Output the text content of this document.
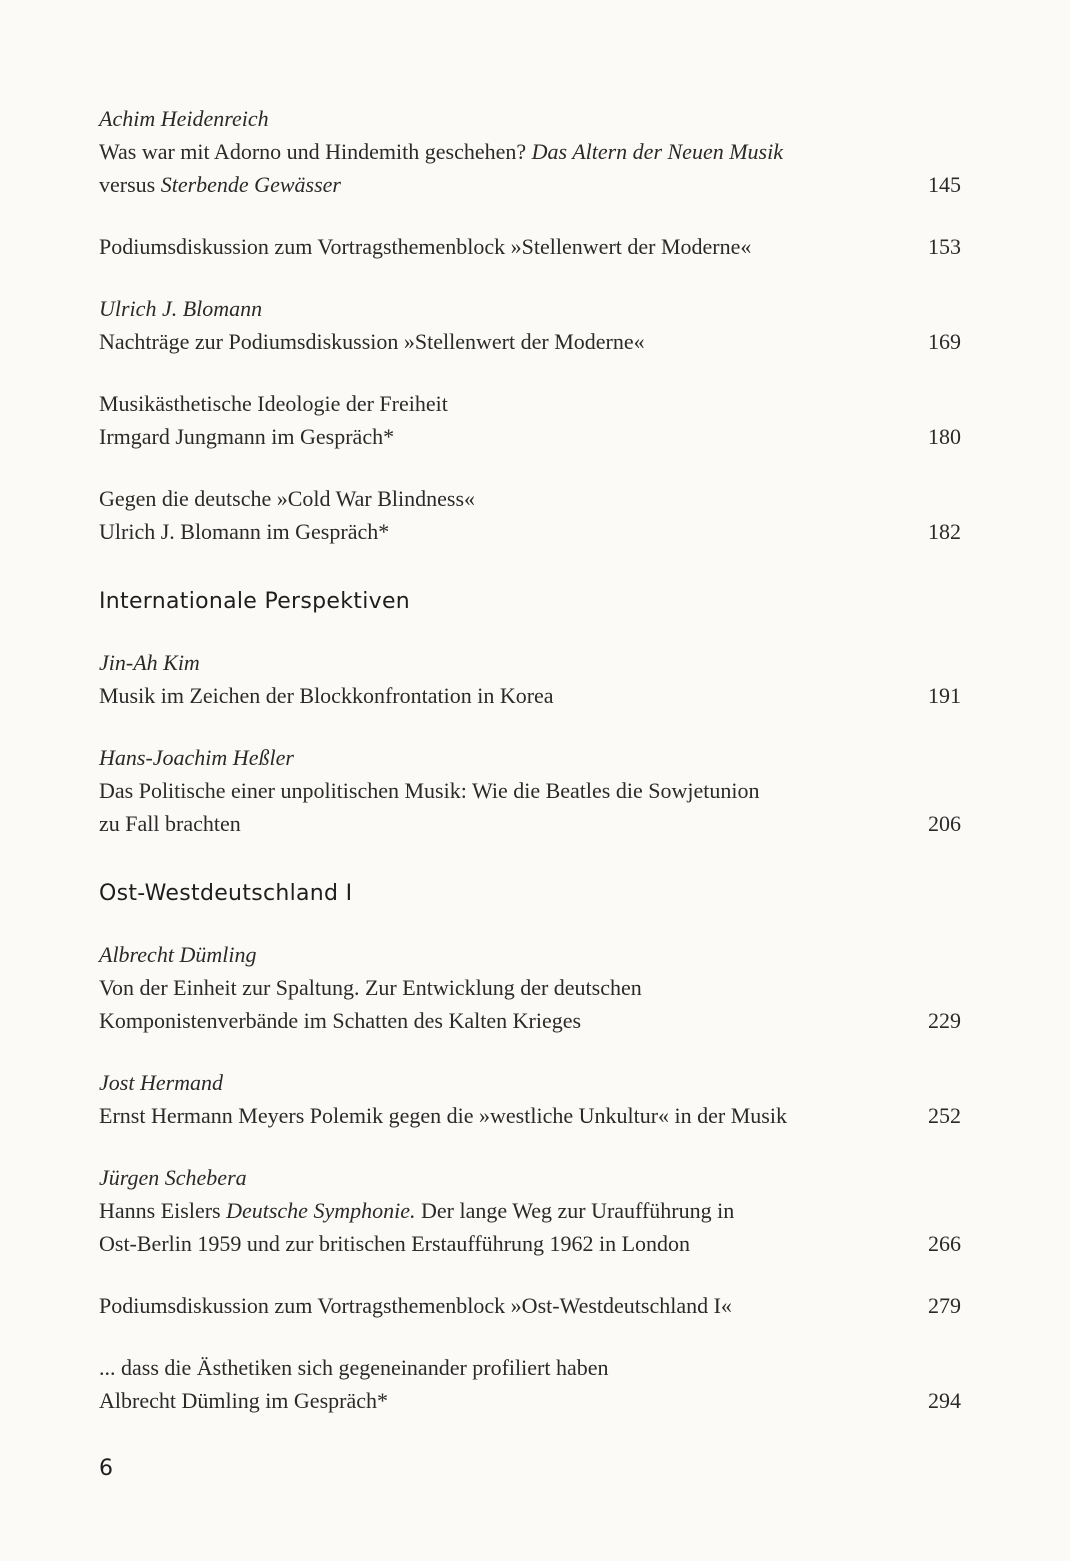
Achim Heidenreich
Was war mit Adorno und Hindemith geschehen? Das Altern der Neuen Musik
versus Sterbende Gewässer	145
Podiumsdiskussion zum Vortragsthemenblock »Stellenwert der Moderne«	153
Ulrich J. Blomann
Nachträge zur Podiumsdiskussion »Stellenwert der Moderne«	169
Musikästhetische Ideologie der Freiheit
Irmgard Jungmann im Gespräch*	180
Gegen die deutsche »Cold War Blindness«
Ulrich J. Blomann im Gespräch*	182
Internationale Perspektiven
Jin-Ah Kim
Musik im Zeichen der Blockkonfrontation in Korea	191
Hans-Joachim Heßler
Das Politische einer unpolitischen Musik: Wie die Beatles die Sowjetunion
zu Fall brachten	206
Ost-Westdeutschland I
Albrecht Dümling
Von der Einheit zur Spaltung. Zur Entwicklung der deutschen
Komponistenverbände im Schatten des Kalten Krieges	229
Jost Hermand
Ernst Hermann Meyers Polemik gegen die »westliche Unkultur« in der Musik	252
Jürgen Schebera
Hanns Eislers Deutsche Symphonie. Der lange Weg zur Uraufführung in
Ost-Berlin 1959 und zur britischen Erstaufführung 1962 in London	266
Podiumsdiskussion zum Vortragsthemenblock »Ost-Westdeutschland I«	279
... dass die Ästhetiken sich gegeneinander profiliert haben
Albrecht Dümling im Gespräch*	294
6
